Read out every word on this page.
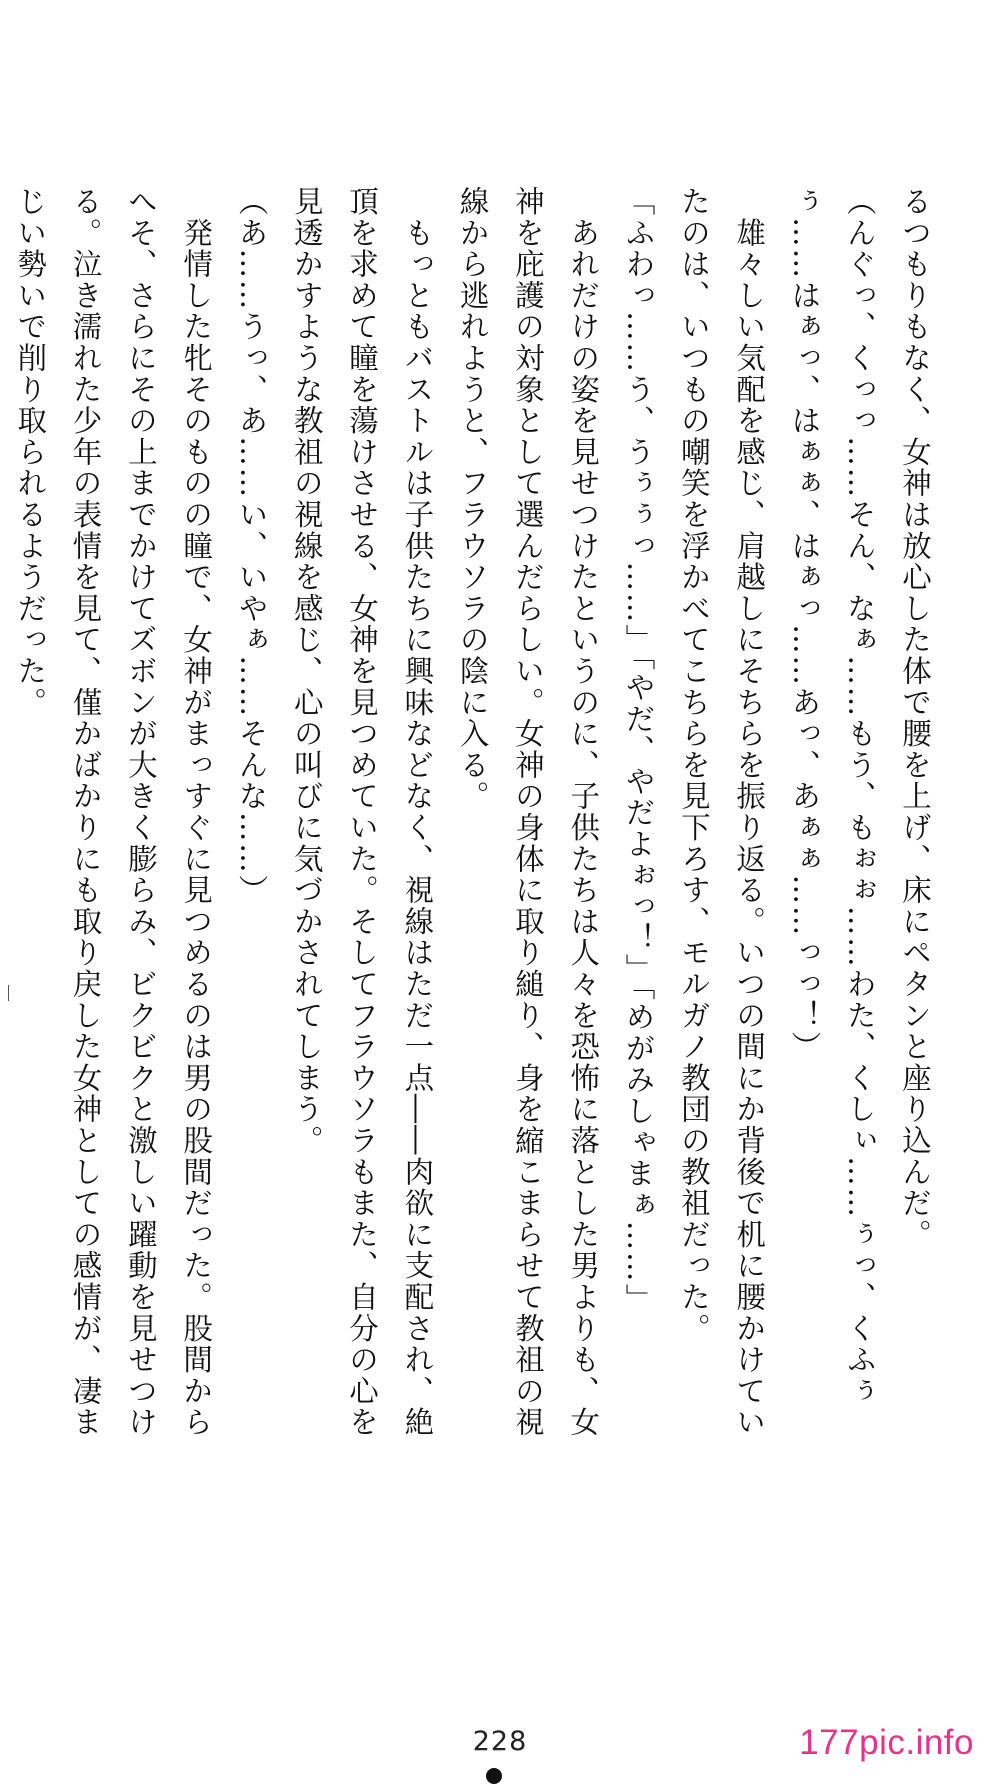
るつもりもなく、女神は放心した体で腰を上げ、床にペタンと座り込んだ。

（んぐっ、くっっ……そん、なぁ……もう、もぉぉ……わた、くしぃ……ぅっ、くふぅぅ……はぁっ、はぁぁ、はぁっ……あっ、あぁぁ……っっ！）

　雄々しい気配を感じ、肩越しにそちらを振り返る。いつの間にか背後で机に腰かけていたのは、いつもの嘲笑を浮かべてこちらを見下ろす、モルガノ教団の教祖だった。

「ふわっ……う、うぅぅっ……」「やだ、やだよぉっ！」「めがみしゃまぁ……」

　あれだけの姿を見せつけたというのに、子供たちは人々を恐怖に落とした男よりも、女神を庇護の対象として選んだらしい。女神の身体に取り縋り、身を縮こまらせて教祖の視線から逃れようと、フラウソラの陰に入る。

　もっともバストルは子供たちに興味などなく、視線はただ一点――肉欲に支配され、絶頂を求めて瞳を蕩けさせる、女神を見つめていた。そしてフラウソラもまた、自分の心を見透かすような教祖の視線を感じ、心の叫びに気づかされてしまう。

（あ……うっ、あ……い、いやぁ……そんな……）

　発情した牝そのものの瞳で、女神がまっすぐに見つめるのは男の股間だった。股間からへそ、さらにその上までかけてズボンが大きく膨らみ、ビクビクと激しい躍動を見せつける。泣き濡れた少年の表情を見て、僅かばかりにも取り戻した女神としての感情が、凄まじい勢いで削り取られるようだった。

228	177pic.info
